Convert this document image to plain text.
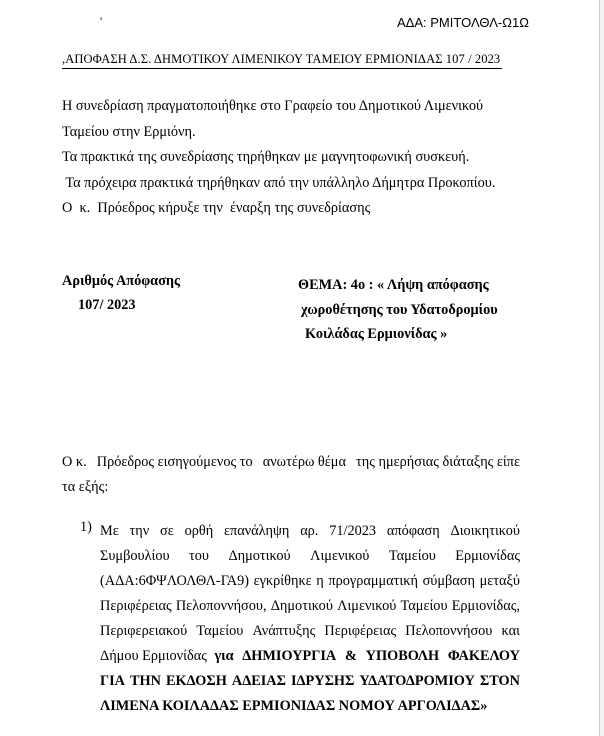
'	ΑΔΑ: ΡΜΙΤΟΛΘΛ-Ω1Ω
,ΑΠΟΦΑΣΗ Δ.Σ. ΔΗΜΟΤΙΚΟΥ ΛΙΜΕΝΙΚΟΥ ΤΑΜΕΙΟΥ ΕΡΜΙΟΝΙΔΑΣ 107 / 2023
Η συνεδρίαση πραγματοποιήθηκε στο Γραφείο του Δημοτικού Λιμενικού
Ταμείου στην Ερμιόνη.
Τα πρακτικά της συνεδρίασης τηρήθηκαν με μαγνητοφωνική συσκευή.
Τα πρόχειρα πρακτικά τηρήθηκαν από την υπάλληλο Δήμητρα Προκοπίου.
Ο  κ.  Πρόεδρος κήρυξε την  έναρξη της συνεδρίασης
Αριθμός Απόφασης
107/ 2023
ΘΕΜΑ: 4ο : « Λήψη απόφασης
χωροθέτησης του Υδατοδρομίου
Κοιλάδας Ερμιονίδας »
Ο κ. Πρόεδρος εισηγούμενος το ανωτέρω θέμα της ημερήσιας διάταξης είπε
τα εξής:
1) Με την σε ορθή επανάληψη αρ. 71/2023 απόφαση Διοικητικού
Συμβουλίου του Δημοτικού Λιμενικού Ταμείου Ερμιονίδας
(ΑΔΑ:6ΦΨΛΟΛΘΛ-ΓΑ9) εγκρίθηκε η προγραμματική σύμβαση μεταξύ
Περιφέρειας Πελοποννήσου, Δημοτικού Λιμενικού Ταμείου Ερμιονίδας,
Περιφερειακού Ταμείου Ανάπτυξης Περιφέρειας Πελοποννήσου και
Δήμου Ερμιονίδας για ΔΗΜΙΟΥΡΓΙΑ & ΥΠΟΒΟΛΗ ΦΑΚΕΛΟΥ
ΓΙΑ ΤΗΝ ΕΚΔΟΣΗ ΑΔΕΙΑΣ ΙΔΡΥΣΗΣ ΥΔΑΤΟΔΡΟΜΙΟΥ ΣΤΟΝ
ΛΙΜΕΝΑ ΚΟΙΛΑΔΑΣ ΕΡΜΙΟΝΙΔΑΣ ΝΟΜΟΥ ΑΡΓΟΛΙΔΑΣ»
